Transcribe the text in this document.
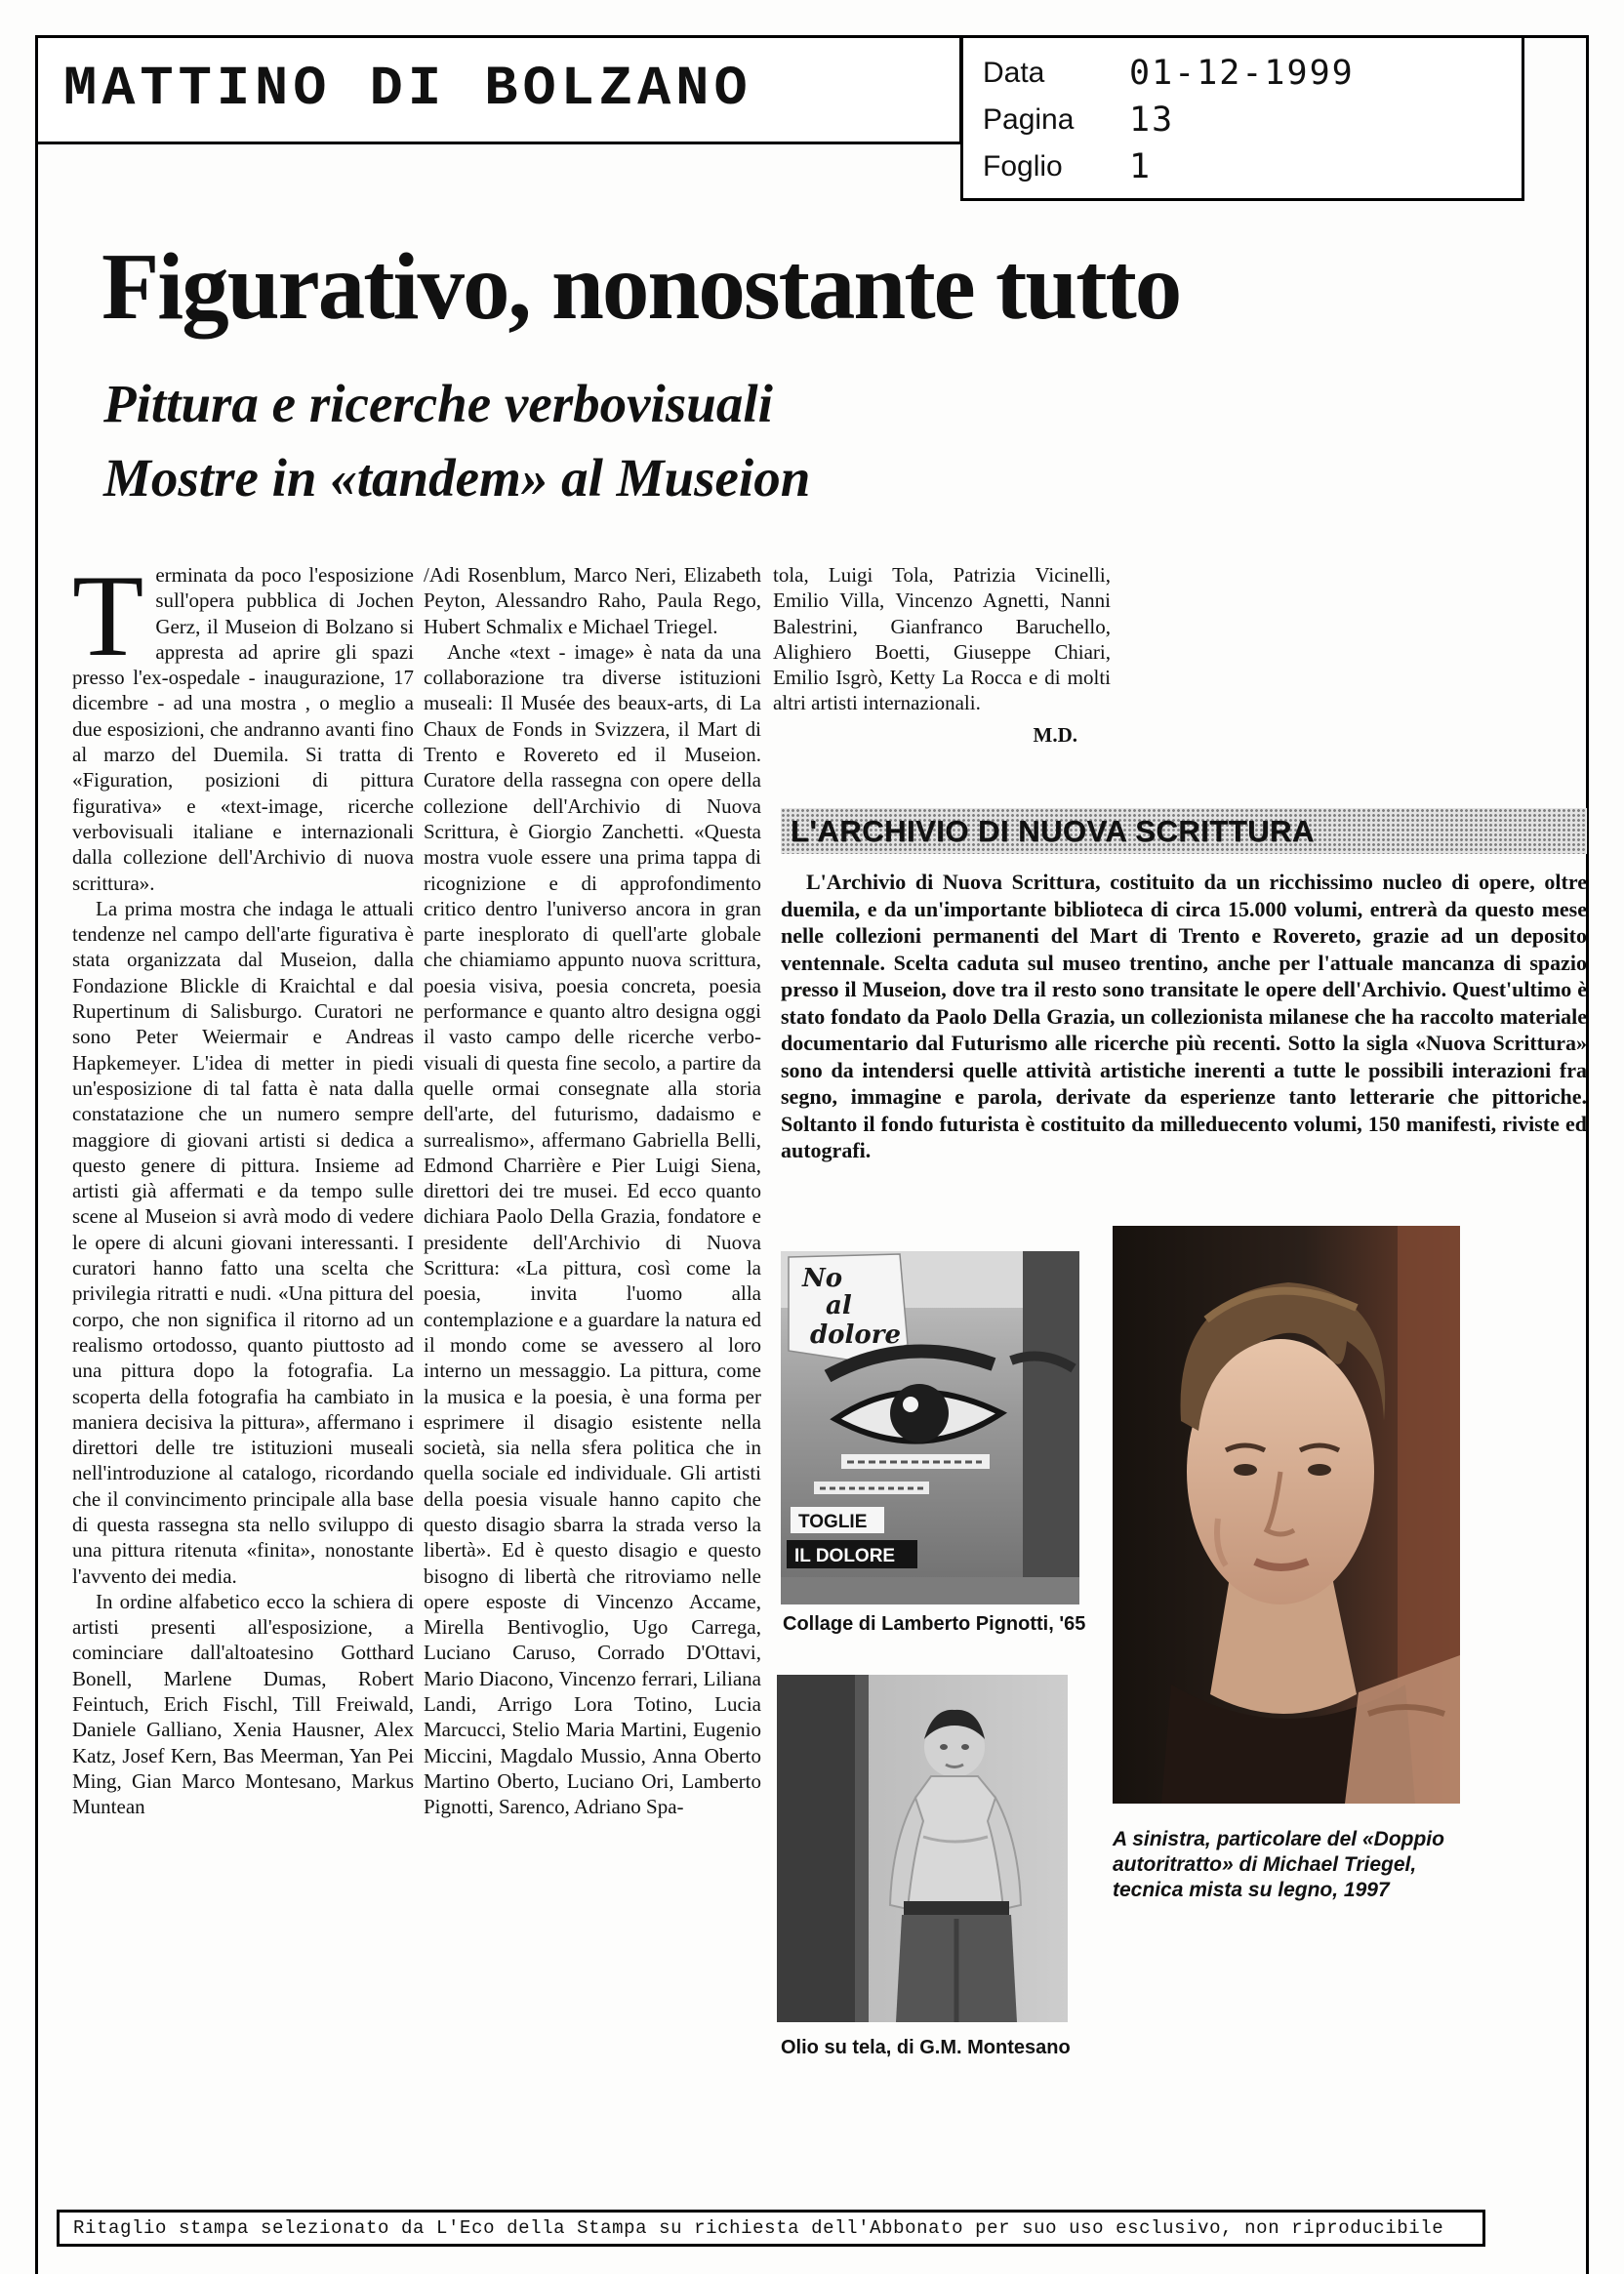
MATTINO DI BOLZANO	Data	01-12-1999
Pagina	13
Foglio	1
Figurativo, nonostante tutto
Pittura e ricerche verbovisuali
Mostre in «tandem» al Museion

Terminata da poco l'esposizione sull'opera pubblica di Jochen Gerz, il Museion di Bolzano si appresta ad aprire gli spazi presso l'ex-ospedale - inaugurazione, 17 dicembre - ad una mostra , o meglio a due esposizioni, che andranno avanti fino al marzo del Duemila. Si tratta di «Figuration, posizioni di pittura figurativa» e «text-image, ricerche verbovisuali italiane e internazionali dalla collezione dell'Archivio di nuova scrittura».

La prima mostra che indaga le attuali tendenze nel campo dell'arte figurativa è stata organizzata dal Museion, dalla Fondazione Blickle di Kraichtal e dal Rupertinum di Salisburgo. Curatori ne sono Peter Weiermair e Andreas Hapkemeyer. L'idea di metter in piedi un'esposizione di tal fatta è nata dalla constatazione che un numero sempre maggiore di giovani artisti si dedica a questo genere di pittura. Insieme ad artisti già affermati e da tempo sulle scene al Museion si avrà modo di vedere le opere di alcuni giovani interessanti. I curatori hanno fatto una scelta che privilegia ritratti e nudi. «Una pittura del corpo, che non significa il ritorno ad un realismo ortodosso, quanto piuttosto ad una pittura dopo la fotografia. La scoperta della fotografia ha cambiato in maniera decisiva la pittura», affermano i direttori delle tre istituzioni museali nell'introduzione al catalogo, ricordando che il convincimento principale alla base di questa rassegna sta nello sviluppo di una pittura ritenuta «finita», nonostante l'avvento dei media.

In ordine alfabetico ecco la schiera di artisti presenti all'esposizione, a cominciare dall'altoatesino Gotthard Bonell, Marlene Dumas, Robert Feintuch, Erich Fischl, Till Freiwald, Daniele Galliano, Xenia Hausner, Alex Katz, Josef Kern, Bas Meerman, Yan Pei Ming, Gian Marco Montesano, Markus Muntean

/Adi Rosenblum, Marco Neri, Elizabeth Peyton, Alessandro Raho, Paula Rego, Hubert Schmalix e Michael Triegel.

Anche «text - image» è nata da una collaborazione tra diverse istituzioni museali: Il Musée des beaux-arts, di La Chaux de Fonds in Svizzera, il Mart di Trento e Rovereto ed il Museion. Curatore della rassegna con opere della collezione dell'Archivio di Nuova Scrittura, è Giorgio Zanchetti. «Questa mostra vuole essere una prima tappa di ricognizione e di approfondimento critico dentro l'universo ancora in gran parte inesplorato di quell'arte globale che chiamiamo appunto nuova scrittura, poesia visiva, poesia concreta, poesia performance e quanto altro designa oggi il vasto campo delle ricerche verbo-visuali di questa fine secolo, a partire da quelle ormai consegnate alla storia dell'arte, del futurismo, dadaismo e surrealismo», affermano Gabriella Belli, Edmond Charrière e Pier Luigi Siena, direttori dei tre musei. Ed ecco quanto dichiara Paolo Della Grazia, fondatore e presidente dell'Archivio di Nuova Scrittura: «La pittura, così come la poesia, invita l'uomo alla contemplazione e a guardare la natura ed il mondo come se avessero al loro interno un messaggio. La pittura, come la musica e la poesia, è una forma per esprimere il disagio esistente nella società, sia nella sfera politica che in quella sociale ed individuale. Gli artisti della poesia visuale hanno capito che questo disagio sbarra la strada verso la libertà». Ed è questo disagio e questo bisogno di libertà che ritroviamo nelle opere esposte di Vincenzo Accame, Mirella Bentivoglio, Ugo Carrega, Luciano Caruso, Corrado D'Ottavi, Mario Diacono, Vincenzo ferrari, Liliana Landi, Arrigo Lora Totino, Lucia Marcucci, Stelio Maria Martini, Eugenio Miccini, Magdalo Mussio, Anna Oberto Martino Oberto, Luciano Ori, Lamberto Pignotti, Sarenco, Adriano Spa-

tola, Luigi Tola, Patrizia Vicinelli, Emilio Villa, Vincenzo Agnetti, Nanni Balestrini, Gianfranco Baruchello, Alighiero Boetti, Giuseppe Chiari, Emilio Isgrò, Ketty La Rocca e di molti altri artisti internazionali.

M.D.

L'ARCHIVIO DI NUOVA SCRITTURA
L'Archivio di Nuova Scrittura, costituito da un ricchissimo nucleo di opere, oltre duemila, e da un'importante biblioteca di circa 15.000 volumi, entrerà da questo mese nelle collezioni permanenti del Mart di Trento e Rovereto, grazie ad un deposito ventennale. Scelta caduta sul museo trentino, anche per l'attuale mancanza di spazio presso il Museion, dove tra il resto sono transitate le opere dell'Archivio. Quest'ultimo è stato fondato da Paolo Della Grazia, un collezionista milanese che ha raccolto materiale documentario dal Futurismo alle ricerche più recenti. Sotto la sigla «Nuova Scrittura» sono da intendersi quelle attività artistiche inerenti a tutte le possibili interazioni fra segno, immagine e parola, derivate da esperienze tanto letterarie che pittoriche. Soltanto il fondo futurista è costituito da milleduecento volumi, 150 manifesti, riviste ed autografi.
No
al
dolore
TOGLIE
IL DOLORE
Collage di Lamberto Pignotti, '65
A sinistra, particolare del «Doppio autoritratto» di Michael Triegel, tecnica mista su legno, 1997
Olio su tela, di G.M. Montesano
Ritaglio stampa selezionato da L'Eco della Stampa su richiesta dell'Abbonato per suo uso esclusivo, non riproducibile
